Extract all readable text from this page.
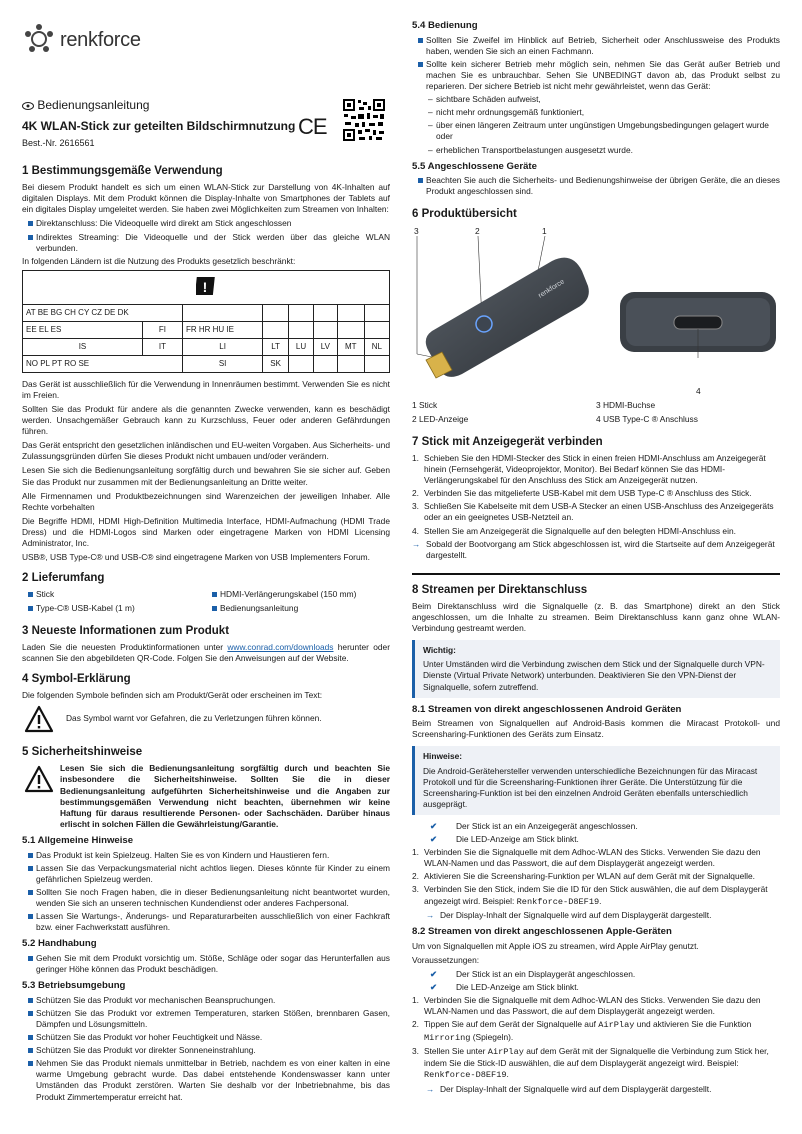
renkforce
Bedienungsanleitung
4K WLAN-Stick zur geteilten Bildschirmnutzung
Best.-Nr. 2616561
CE
1 Bestimmungsgemäße Verwendung

Bei diesem Produkt handelt es sich um einen WLAN-Stick zur Darstellung von 4K-Inhalten auf digitalen Displays. Mit dem Produkt können die Display-Inhalte von Smartphones der Tablets auf ein digitales Display umgeleitet werden. Sie haben zwei Möglichkeiten zum Streamen von Inhalten:

Direktanschluss: Die Videoquelle wird direkt am Stick angeschlossen
Indirektes Streaming: Die Videoquelle und der Stick werden über das gleiche WLAN verbunden.

In folgenden Ländern ist die Nutzung des Produkts gesetzlich beschränkt:

!							

AT BE BG CH CY CZ DE DK							
EE EL ES	FI	FR HR HU IE					
IS	IT	LI	LT	LU	LV	MT	NL
NO PL PT RO SE		SI	SK				

Das Gerät ist ausschließlich für die Verwendung in Innenräumen bestimmt. Verwenden Sie es nicht im Freien.

Sollten Sie das Produkt für andere als die genannten Zwecke verwenden, kann es beschädigt werden. Unsachgemäßer Gebrauch kann zu Kurzschluss, Feuer oder anderen Gefährdungen führen.

Das Gerät entspricht den gesetzlichen inländischen und EU-weiten Vorgaben. Aus Sicherheits- und Zulassungsgründen dürfen Sie dieses Produkt nicht umbauen und/oder verändern.

Lesen Sie sich die Bedienungsanleitung sorgfältig durch und bewahren Sie sie sicher auf. Geben Sie das Produkt nur zusammen mit der Bedienungsanleitung an Dritte weiter.

Alle Firmennamen und Produktbezeichnungen sind Warenzeichen der jeweiligen Inhaber. Alle Rechte vorbehalten

Die Begriffe HDMI, HDMI High-Definition Multimedia Interface, HDMI-Aufmachung (HDMI Trade Dress) und die HDMI-Logos sind Marken oder eingetragene Marken von HDMI Licensing Administrator, Inc.

USB®, USB Type-C® und USB-C® sind eingetragene Marken von USB Implementers Forum.

2 Lieferumfang
Stick	HDMI-Verlängerungskabel (150 mm)
Type-C® USB-Kabel (1 m)	Bedienungsanleitung
3 Neueste Informationen zum Produkt

Laden Sie die neuesten Produktinformationen unter www.conrad.com/downloads herunter oder scannen Sie den abgebildeten QR-Code. Folgen Sie den Anweisungen auf der Website.

4 Symbol-Erklärung

Die folgenden Symbole befinden sich am Produkt/Gerät oder erscheinen im Text:

Das Symbol warnt vor Gefahren, die zu Verletzungen führen können.
5 Sicherheitshinweise

Lesen Sie sich die Bedienungsanleitung sorgfältig durch und beachten Sie insbesondere die Sicherheitshinweise. Sollten Sie die in dieser Bedienungsanleitung aufgeführten Sicherheitshinweise und die Angaben zur bestimmungsgemäßen Verwendung nicht beachten, übernehmen wir keine Haftung für daraus resultierende Personen- oder Sachschäden. Darüber hinaus erlischt in solchen Fällen die Gewährleistung/Garantie.

5.1 Allgemeine Hinweise
Das Produkt ist kein Spielzeug. Halten Sie es von Kindern und Haustieren fern.
Lassen Sie das Verpackungsmaterial nicht achtlos liegen. Dieses könnte für Kinder zu einem gefährlichen Spielzeug werden.
Sollten Sie noch Fragen haben, die in dieser Bedienungsanleitung nicht beantwortet wurden, wenden Sie sich an unseren technischen Kundendienst oder anderes Fachpersonal.
Lassen Sie Wartungs-, Änderungs- und Reparaturarbeiten ausschließlich von einer Fachkraft bzw. einer Fachwerkstatt ausführen.
5.2 Handhabung
Gehen Sie mit dem Produkt vorsichtig um. Stöße, Schläge oder sogar das Herunterfallen aus geringer Höhe können das Produkt beschädigen.
5.3 Betriebsumgebung
Schützen Sie das Produkt vor mechanischen Beanspruchungen.
Schützen Sie das Produkt vor extremen Temperaturen, starken Stößen, brennbaren Gasen, Dämpfen und Lösungsmitteln.
Schützen Sie das Produkt vor hoher Feuchtigkeit und Nässe.
Schützen Sie das Produkt vor direkter Sonneneinstrahlung.
Nehmen Sie das Produkt niemals unmittelbar in Betrieb, nachdem es von einer kalten in eine warme Umgebung gebracht wurde. Das dabei entstehende Kondenswasser kann unter Umständen das Produkt zerstören. Warten Sie deshalb vor der Inbetriebnahme, bis das Produkt Zimmertemperatur erreicht hat.
5.4 Bedienung
Sollten Sie Zweifel im Hinblick auf Betrieb, Sicherheit oder Anschlussweise des Produkts haben, wenden Sie sich an einen Fachmann.
Sollte kein sicherer Betrieb mehr möglich sein, nehmen Sie das Gerät außer Betrieb und machen Sie es unbrauchbar. Sehen Sie UNBEDINGT davon ab, das Produkt selbst zu reparieren. Der sichere Betrieb ist nicht mehr gewährleistet, wenn das Gerät:
– sichtbare Schäden aufweist,
– nicht mehr ordnungsgemäß funktioniert,
– über einen längeren Zeitraum unter ungünstigen Umgebungsbedingungen gelagert wurde oder
– erheblichen Transportbelastungen ausgesetzt wurde.
5.5 Angeschlossene Geräte
Beachten Sie auch die Sicherheits- und Bedienungshinweise der übrigen Geräte, die an dieses Produkt angeschlossen sind.
6 Produktübersicht
3	2	1
renkforce
4
1 Stick	3 HDMI-Buchse
2 LED-Anzeige	4 USB Type-C ® Anschluss
7 Stick mit Anzeigegerät verbinden
1. Schieben Sie den HDMI-Stecker des Stick in einen freien HDMI-Anschluss am Anzeigegerät hinein (Fernsehgerät, Videoprojektor, Monitor). Bei Bedarf können Sie das HDMI-Verlängerungskabel für den Anschluss des Stick am Anzeigegerät nutzen.
2. Verbinden Sie das mitgelieferte USB-Kabel mit dem USB Type-C ® Anschluss des Stick.
3. Schließen Sie Kabelseite mit dem USB-A Stecker an einen USB-Anschluss des Anzeigegeräts oder an ein geeignetes USB-Netzteil an.
4. Stellen Sie am Anzeigegerät die Signalquelle auf den belegten HDMI-Anschluss ein.
→ Sobald der Bootvorgang am Stick abgeschlossen ist, wird die Startseite auf dem Anzeigegerät dargestellt.
8 Streamen per Direktanschluss

Beim Direktanschluss wird die Signalquelle (z. B. das Smartphone) direkt an den Stick angeschlossen, um die Inhalte zu streamen. Beim Direktanschluss kann ganz ohne WLAN-Verbindung gestreamt werden.

Wichtig:
Unter Umständen wird die Verbindung zwischen dem Stick und der Signalquelle durch VPN-Dienste (Virtual Private Network) unterbunden. Deaktivieren Sie den VPN-Dienst der Signalquelle, sofern zutreffend.
8.1 Streamen von direkt angeschlossenen Android Geräten

Beim Streamen von Signalquellen auf Android-Basis kommen die Miracast Protokoll- und Screensharing-Funktionen des Geräts zum Einsatz.

Hinweise:
Die Android-Gerätehersteller verwenden unterschiedliche Bezeichnungen für das Miracast Protokoll und für die Screensharing-Funktionen ihrer Geräte. Die Unterstützung für die Screensharing-Funktion ist bei den einzelnen Android Geräten ebenfalls unterschiedlich ausgeprägt.
✔ Der Stick ist an ein Anzeigegerät angeschlossen.
✔ Die LED-Anzeige am Stick blinkt.
1. Verbinden Sie die Signalquelle mit dem Adhoc-WLAN des Sticks. Verwenden Sie dazu den WLAN-Namen und das Passwort, die auf dem Displaygerät angezeigt werden.
2. Aktivieren Sie die Screensharing-Funktion per WLAN auf dem Gerät mit der Signalquelle.
3. Verbinden Sie den Stick, indem Sie die ID für den Stick auswählen, die auf dem Displaygerät angezeigt wird. Beispiel: Renkforce-D8EF19.
→ Der Display-Inhalt der Signalquelle wird auf dem Displaygerät dargestellt.
8.2 Streamen von direkt angeschlossenen Apple-Geräten

Um von Signalquellen mit Apple iOS zu streamen, wird Apple AirPlay genutzt.

Voraussetzungen:

✔ Der Stick ist an ein Displaygerät angeschlossen.
✔ Die LED-Anzeige am Stick blinkt.
1. Verbinden Sie die Signalquelle mit dem Adhoc-WLAN des Sticks. Verwenden Sie dazu den WLAN-Namen und das Passwort, die auf dem Displaygerät angezeigt werden.
2. Tippen Sie auf dem Gerät der Signalquelle auf AirPlay und aktivieren Sie die Funktion Mirroring (Spiegeln).
3. Stellen Sie unter AirPlay auf dem Gerät mit der Signalquelle die Verbindung zum Stick her, indem Sie die Stick-ID auswählen, die auf dem Displaygerät angezeigt wird. Beispiel: Renkforce-D8EF19.
→ Der Display-Inhalt der Signalquelle wird auf dem Displaygerät dargestellt.
